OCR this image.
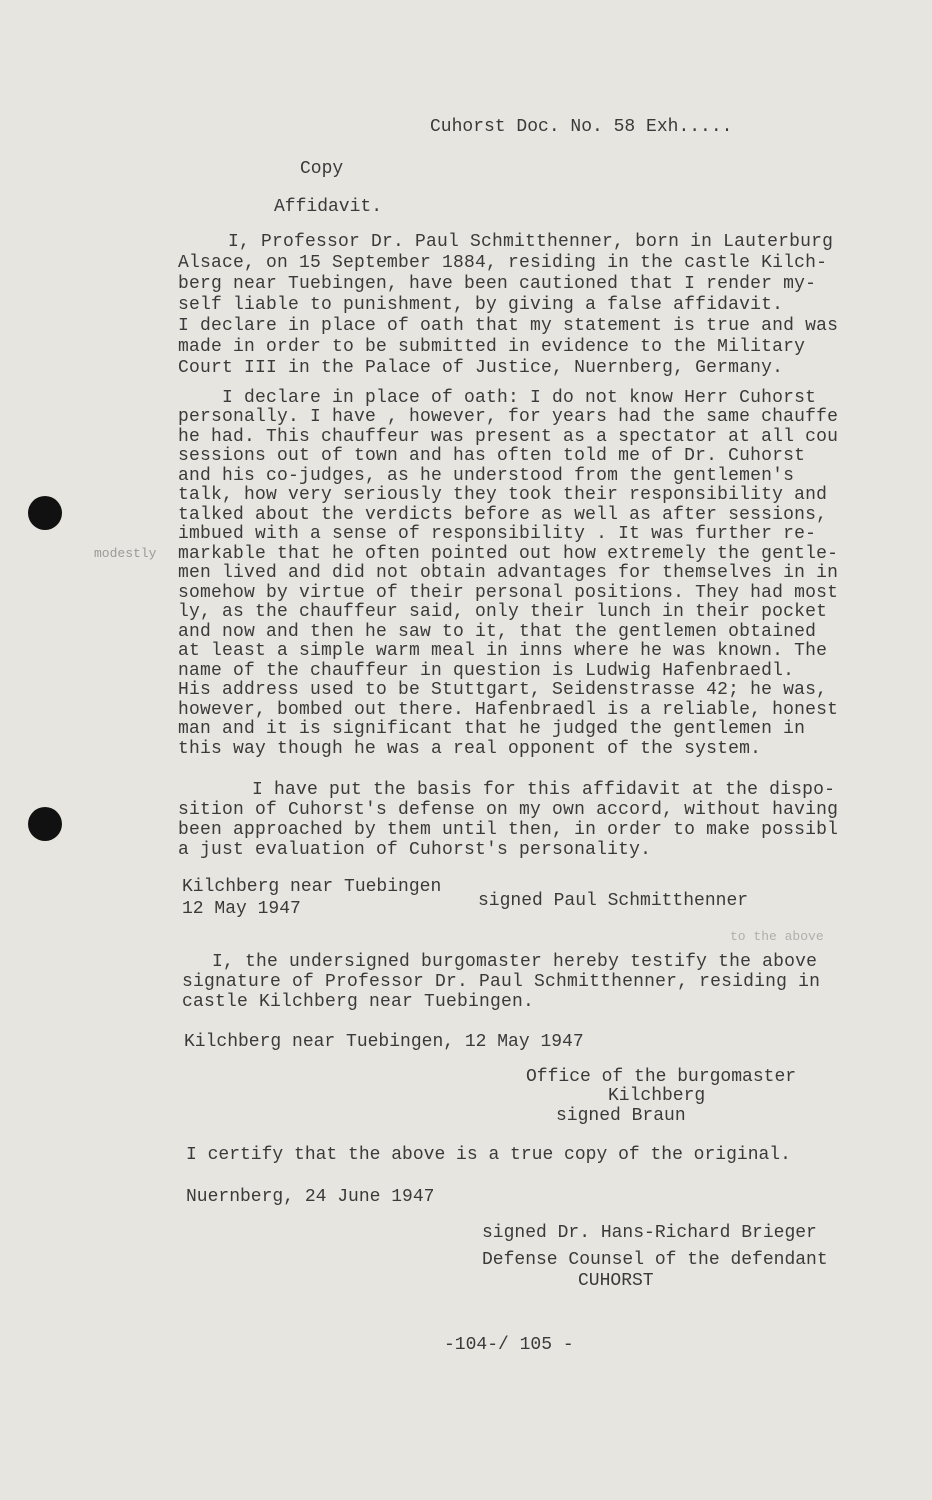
Cuhorst Doc. No. 58 Exh.....
Copy
Affidavit.
I, Professor Dr. Paul Schmitthenner, born in Lauterburg
Alsace, on 15 September 1884, residing in the castle Kilch-
berg near Tuebingen, have been cautioned that I render my-
self liable to punishment, by giving a false affidavit.
I declare in place of oath that my statement is true and was
made in order to be submitted in evidence to the Military
Court III in the Palace of Justice, Nuernberg, Germany.
I declare in place of oath: I do not know Herr Cuhorst
personally. I have , however, for years had the same chauffe
he had. This chauffeur was present as a spectator at all cou
sessions out of town and has often told me of Dr. Cuhorst
and his co-judges, as he understood from the gentlemen's
talk, how very seriously they took their responsibility and
talked about the verdicts before as well as after sessions,
imbued with a sense of responsibility . It was further re-
markable that he often pointed out how extremely the gentle-
men lived and did not obtain advantages for themselves in in
somehow by virtue of their personal positions. They had most
ly, as the chauffeur said, only their lunch in their pocket
and now and then he saw to it, that the gentlemen obtained
at least a simple warm meal in inns where he was known. The
name of the chauffeur in question is Ludwig Hafenbraedl.
His address used to be Stuttgart, Seidenstrasse 42; he was,
however, bombed out there. Hafenbraedl is a reliable, honest
man and it is significant that he judged the gentlemen in
this way though he was a real opponent of the system.
modestly
I have put the basis for this affidavit at the dispo-
sition of Cuhorst's defense on my own accord, without having
been approached by them until then, in order to make possibl
a just evaluation of Cuhorst's personality.
Kilchberg near Tuebingen
12 May 1947	signed Paul Schmitthenner
to the above
I, the undersigned burgomaster hereby testify the above
signature of Professor Dr. Paul Schmitthenner, residing in
castle Kilchberg near Tuebingen.
Kilchberg near Tuebingen, 12 May 1947
Office of the burgomaster
Kilchberg
signed Braun
I certify that the above is a true copy of the original.
Nuernberg, 24 June 1947
signed Dr. Hans-Richard Brieger
Defense Counsel of the defendant
CUHORST
-104-/ 105 -
